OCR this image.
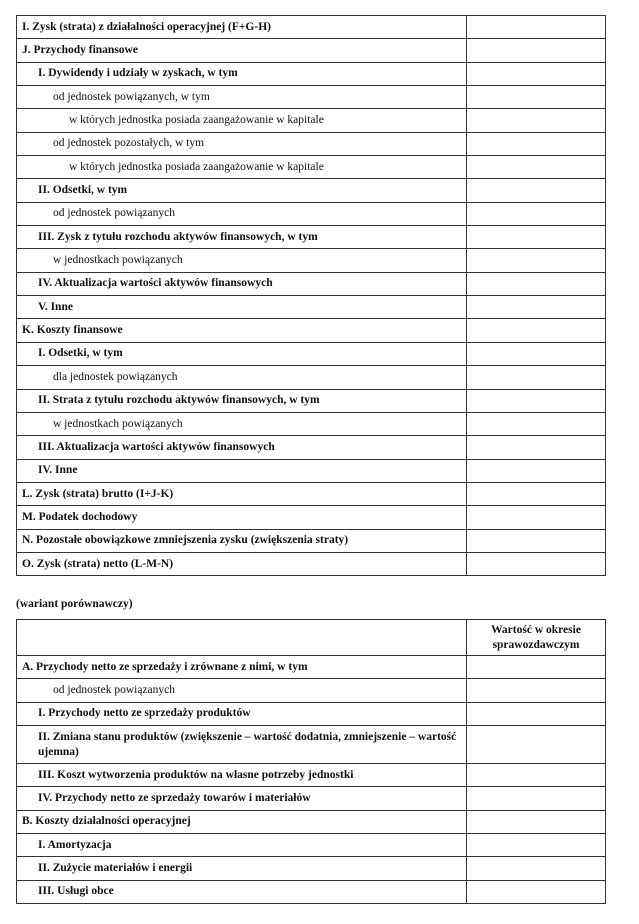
I. Zysk (strata) z działalności operacyjnej (F+G-H)	
J. Przychody finansowe	
I. Dywidendy i udziały w zyskach, w tym	
od jednostek powiązanych, w tym	
w których jednostka posiada zaangażowanie w kapitale	
od jednostek pozostałych, w tym	
w których jednostka posiada zaangażowanie w kapitale	
II. Odsetki, w tym	
od jednostek powiązanych	
III. Zysk z tytułu rozchodu aktywów finansowych, w tym	
w jednostkach powiązanych	
IV. Aktualizacja wartości aktywów finansowych	
V. Inne	
K. Koszty finansowe	
I. Odsetki, w tym	
dla jednostek powiązanych	
II. Strata z tytułu rozchodu aktywów finansowych, w tym	
w jednostkach powiązanych	
III. Aktualizacja wartości aktywów finansowych	
IV. Inne	
L. Zysk (strata) brutto (I+J-K)	
M. Podatek dochodowy	
N. Pozostałe obowiązkowe zmniejszenia zysku (zwiększenia straty)	
O. Zysk (strata) netto (L-M-N)	
(wariant porównawczy)
	Wartość w okresie sprawozdawczym
A. Przychody netto ze sprzedaży i zrównane z nimi, w tym	
od jednostek powiązanych	
I. Przychody netto ze sprzedaży produktów	
II. Zmiana stanu produktów (zwiększenie – wartość dodatnia, zmniejszenie – wartość ujemna)	
III. Koszt wytworzenia produktów na własne potrzeby jednostki	
IV. Przychody netto ze sprzedaży towarów i materiałów	
B. Koszty działalności operacyjnej	
I. Amortyzacja	
II. Zużycie materiałów i energii	
III. Usługi obce	
